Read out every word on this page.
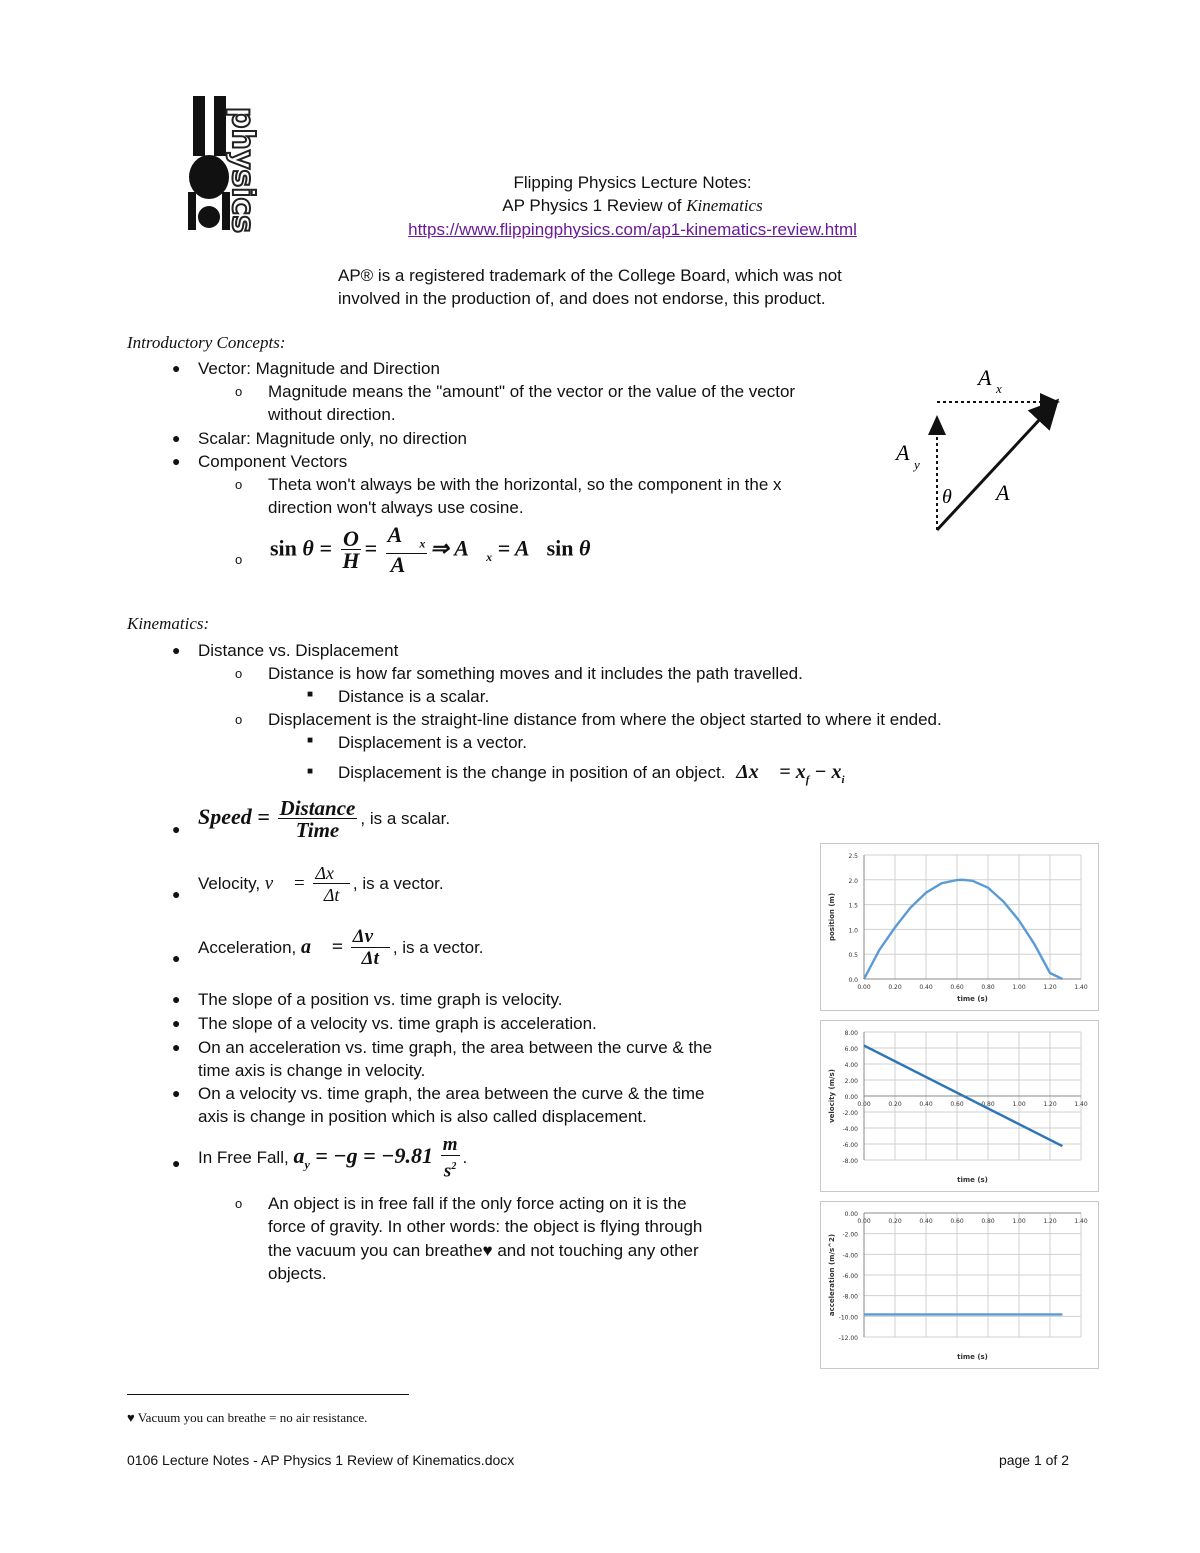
physics	Flipping Physics Lecture Notes:
AP Physics 1 Review of Kinematics
https://www.flippingphysics.com/ap1-kinematics-review.html
AP® is a registered trademark of the College Board, which was not
involved in the production of, and does not endorse, this product.
Introductory Concepts:
● Vector: Magnitude and Direction
o Magnitude means the "amount" of the vector or the value of the vector
without direction.
● Scalar: Magnitude only, no direction
● Component Vectors
o Theta won't always be with the horizontal, so the component in the x
direction won't always use cosine.
o $\sin \theta = \frac{O}{H} = \frac{A⃗_x}{A⃗}$ ⇒ $A⃗_x$ = A⃗sin θ
A x
A y
θ A
Kinematics:
● Distance vs. Displacement
o Distance is how far something moves and it includes the path travelled.
■ Distance is a scalar.
o Displacement is the straight-line distance from where the object started to where it ended.
■ Displacement is a vector.
■ Displacement is the change in position of an object. Δx⃗ = $x_f - x_i$
●
Speed = $\frac{\text{Distance}}{\text{Time}}$ , is a scalar.
●
Velocity, v⃗ = $\frac{\Delta x⃗}{\Delta t}$ , is a vector.
●
Acceleration, a⃗ = $\frac{\Delta v⃗}{\Delta t}$ , is a vector.
● The slope of a position vs. time graph is velocity.
● The slope of a velocity vs. time graph is acceleration.
● On an acceleration vs. time graph, the area between the curve & the
time axis is change in velocity.
● On a velocity vs. time graph, the area between the curve & the time
axis is change in position which is also called displacement.
● In Free Fall, $a_y = -g = -9.81 \frac{m}{s^2}$ .
o An object is in free fall if the only force acting on it is the
force of gravity. In other words: the object is flying through
the vacuum you can breathe♥ and not touching any other
objects.
0.0
0.5
1.0
1.5
2.0
2.5
0.00	0.20	0.40	0.60	0.80	1.00	1.20	1.40
time (s)
position (m)
8.00
6.00
4.00
2.00
0.00
-2.00
-4.00
-6.00
-8.00
0.00	0.20	0.40	0.60	0.80	1.00	1.20	1.40
time (s)
velocity (m/s)
0.00
-2.00
-4.00
-6.00
-8.00
-10.00
-12.00
0.00	0.20	0.40	0.60	0.80	1.00	1.20	1.40
time (s)
acceleration (m/s^2)
♥ Vacuum you can breathe = no air resistance.
0106 Lecture Notes - AP Physics 1 Review of Kinematics.docx	page 1 of 2
